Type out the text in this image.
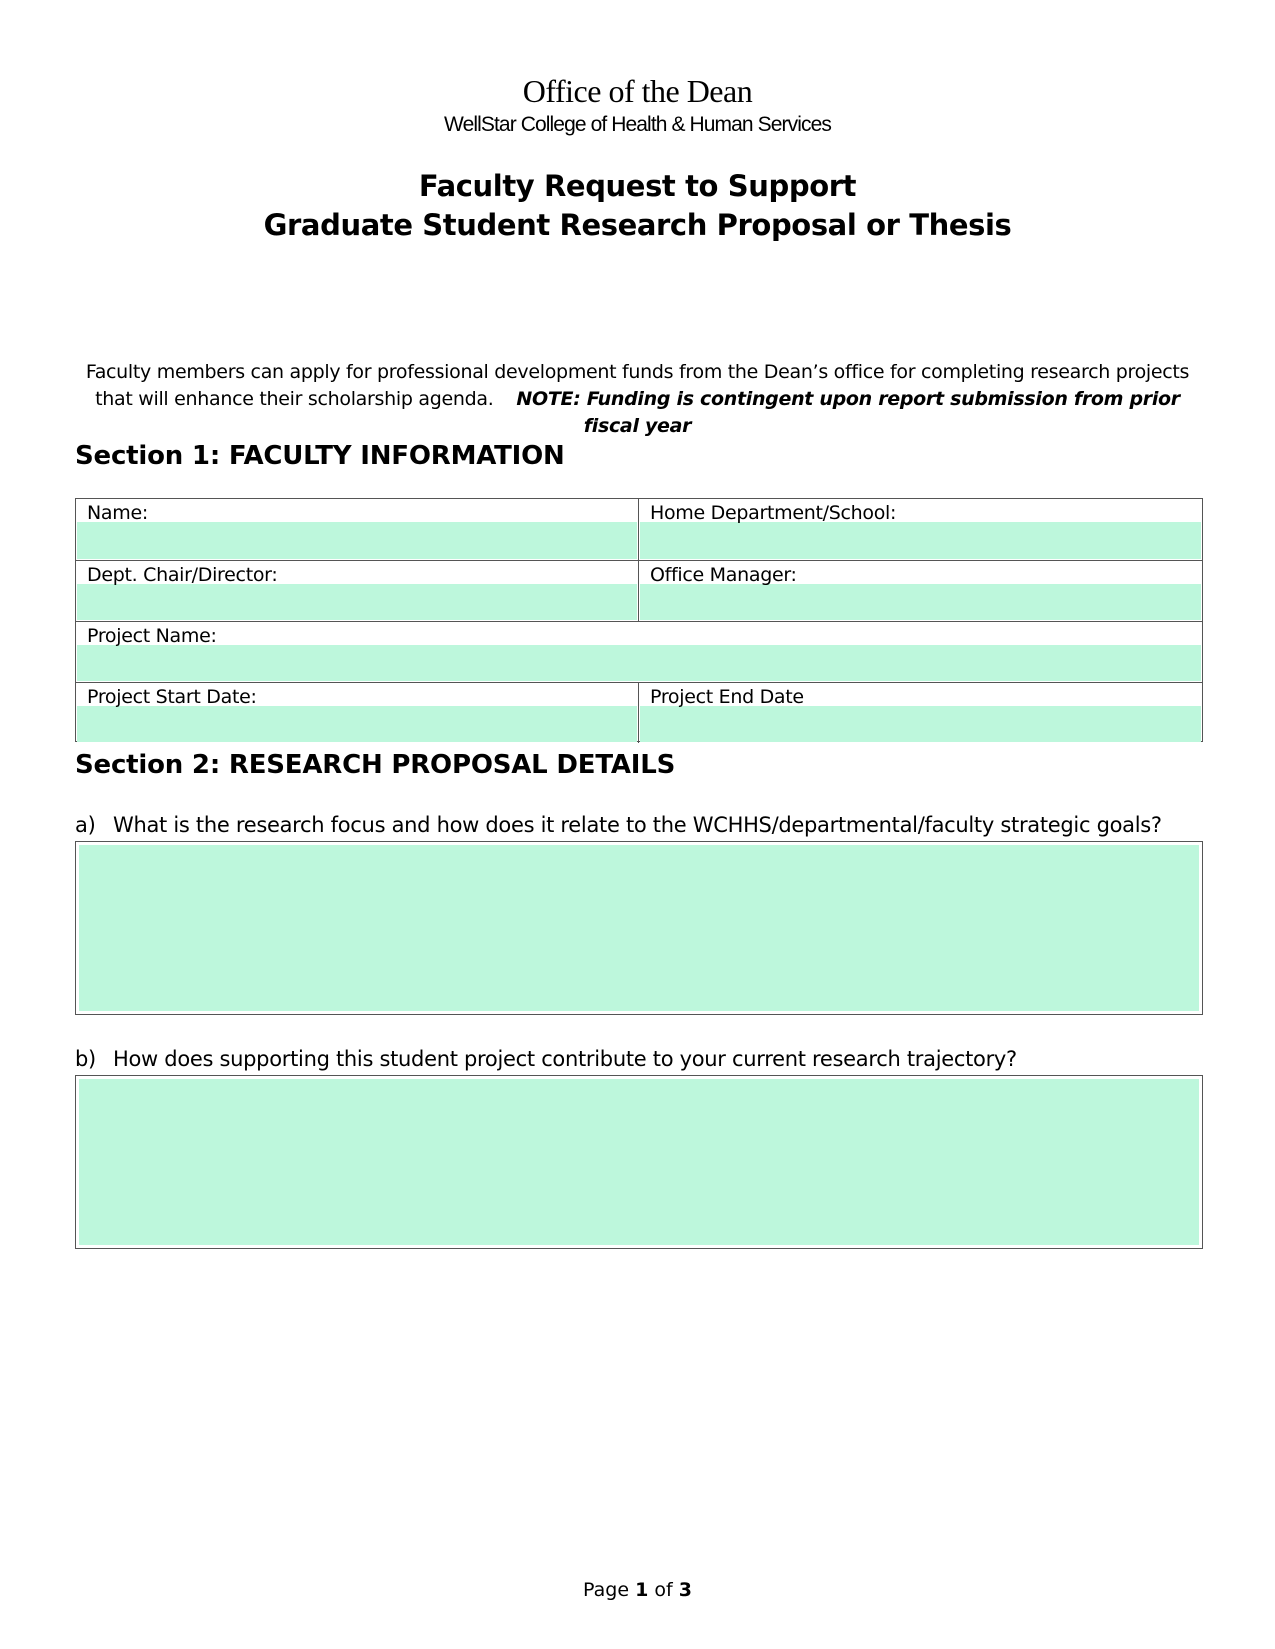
Office of the Dean
WellStar College of Health & Human Services
Faculty Request to Support
Graduate Student Research Proposal or Thesis
Faculty members can apply for professional development funds from the Dean’s office for completing research projects that will enhance their scholarship agenda. NOTE: Funding is contingent upon report submission from prior fiscal year
Section 1: FACULTY INFORMATION
Name:	Home Department/School:
Dept. Chair/Director:	Office Manager:
Project Name:
Project Start Date:	Project End Date
Section 2: RESEARCH PROPOSAL DETAILS
a) What is the research focus and how does it relate to the WCHHS/departmental/faculty strategic goals?
b) How does supporting this student project contribute to your current research trajectory?
Page 1 of 3
